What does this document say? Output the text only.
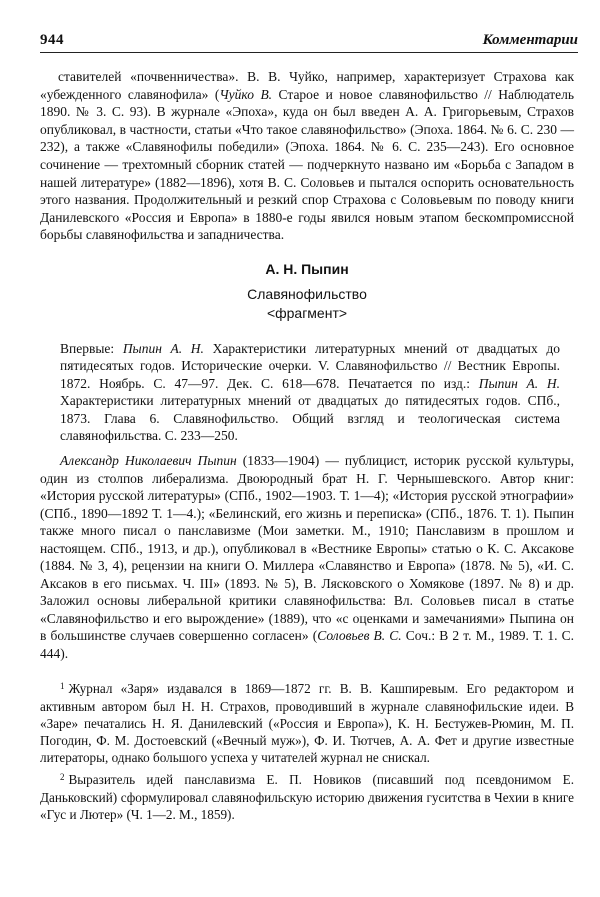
944	Комментарии

ставителей «почвенничества». В. В. Чуйко, например, характеризует Страхова как «убежденного славянофила» (Чуйко В. Старое и новое славянофильство // Наблюдатель 1890. № 3. С. 93). В журнале «Эпоха», куда он был введен А. А. Григорьевым, Страхов опубликовал, в частности, статьи «Что такое славянофильство» (Эпоха. 1864. № 6. С. 230 — 232), а также «Славянофилы победили» (Эпоха. 1864. № 6. С. 235—243). Его основное сочинение — трехтомный сборник статей — подчеркнуто названо им «Борьба с Западом в нашей литературе» (1882—1896), хотя В. С. Соловьев и пытался оспорить основательность этого названия. Продолжительный и резкий спор Страхова с Соловьевым по поводу книги Данилевского «Россия и Европа» в 1880-е годы явился новым этапом бескомпромиссной борьбы славянофильства и западничества.

А. Н. Пыпин
Славянофильство
<фрагмент>

Впервые: Пыпин А. Н. Характеристики литературных мнений от двадцатых до пятидесятых годов. Исторические очерки. V. Славянофильство // Вестник Европы. 1872. Ноябрь. С. 47—97. Дек. С. 618—678. Печатается по изд.: Пыпин А. Н. Характеристики литературных мнений от двадцатых до пятидесятых годов. СПб., 1873. Глава 6. Славянофильство. Общий взгляд и теологическая система славянофильства. С. 233—250.

Александр Николаевич Пыпин (1833—1904) — публицист, историк русской культуры, один из столпов либерализма. Двоюродный брат Н. Г. Чернышевского. Автор книг: «История русской литературы» (СПб., 1902—1903. Т. 1—4); «История русской этнографии» (СПб., 1890—1892 Т. 1—4.); «Белинский, его жизнь и переписка» (СПб., 1876. Т. 1). Пыпин также много писал о панславизме (Мои заметки. М., 1910; Панславизм в прошлом и настоящем. СПб., 1913, и др.), опубликовал в «Вестнике Европы» статью о К. С. Аксакове (1884. № 3, 4), рецензии на книги О. Миллера «Славянство и Европа» (1878. № 5), «И. С. Аксаков в его письмах. Ч. III» (1893. № 5), В. Лясковского о Хомякове (1897. № 8) и др. Заложил основы либеральной критики славянофильства: Вл. Соловьев писал в статье «Славянофильство и его вырождение» (1889), что «с оценками и замечаниями» Пыпина он в большинстве случаев совершенно согласен» (Соловьев В. С. Соч.: В 2 т. М., 1989. Т. 1. С. 444).

$^1$ Журнал «Заря» издавался в 1869—1872 гг. В. В. Кашпиревым. Его редактором и активным автором был Н. Н. Страхов, проводивший в журнале славянофильские идеи. В «Заре» печатались Н. Я. Данилевский («Россия и Европа»), К. Н. Бестужев-Рюмин, М. П. Погодин, Ф. М. Достоевский («Вечный муж»), Ф. И. Тютчев, А. А. Фет и другие известные литераторы, однако большого успеха у читателей журнал не снискал.

$^2$ Выразитель идей панславизма Е. П. Новиков (писавший под псевдонимом Е. Даньковский) сформулировал славянофильскую историю движения гуситства в Чехии в книге «Гус и Лютер» (Ч. 1—2. М., 1859).
